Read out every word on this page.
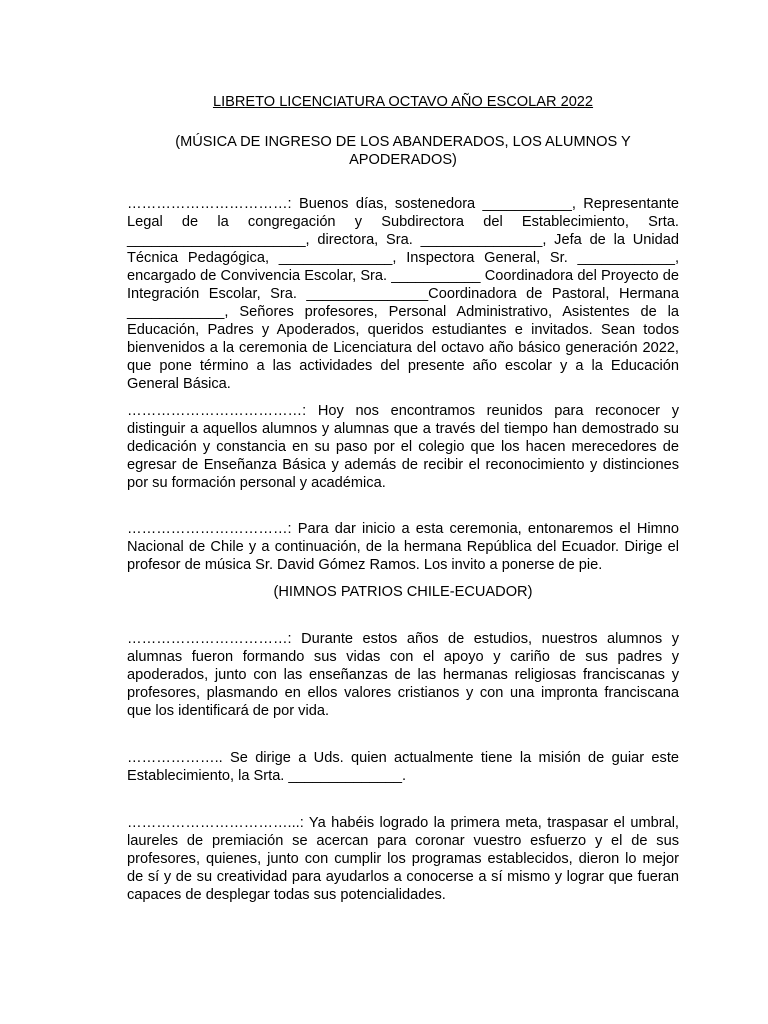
LIBRETO LICENCIATURA OCTAVO AÑO ESCOLAR 2022

(MÚSICA DE INGRESO DE LOS ABANDERADOS, LOS ALUMNOS Y APODERADOS)

……………………………: Buenos días, sostenedora ___________, Representante Legal de la congregación y Subdirectora del Establecimiento, Srta. ______________________, directora, Sra. _______________, Jefa de la Unidad Técnica Pedagógica, ______________, Inspectora General, Sr. ____________, encargado de Convivencia Escolar, Sra. ___________ Coordinadora del Proyecto de Integración Escolar, Sra. _______________Coordinadora de Pastoral, Hermana ____________, Señores profesores, Personal Administrativo, Asistentes de la Educación, Padres y Apoderados, queridos estudiantes e invitados. Sean todos bienvenidos a la ceremonia de Licenciatura del octavo año básico generación 2022, que pone término a las actividades del presente año escolar y a la Educación General Básica.

………………………………: Hoy nos encontramos reunidos para reconocer y distinguir a aquellos alumnos y alumnas que a través del tiempo han demostrado su dedicación y constancia en su paso por el colegio que los hacen merecedores de egresar de Enseñanza Básica y además de recibir el reconocimiento y distinciones por su formación personal y académica.

……………………………: Para dar inicio a esta ceremonia, entonaremos el Himno Nacional de Chile y a continuación, de la hermana República del Ecuador. Dirige el profesor de música Sr. David Gómez Ramos. Los invito a ponerse de pie.

(HIMNOS PATRIOS CHILE-ECUADOR)

……………………………: Durante estos años de estudios, nuestros alumnos y alumnas fueron formando sus vidas con el apoyo y cariño de sus padres y apoderados, junto con las enseñanzas de las hermanas religiosas franciscanas y profesores, plasmando en ellos valores cristianos y con una impronta franciscana que los identificará de por vida.

……………….. Se dirige a Uds. quien actualmente tiene la misión de guiar este Establecimiento, la Srta. ______________.

……………………………...: Ya habéis logrado la primera meta, traspasar el umbral, laureles de premiación se acercan para coronar vuestro esfuerzo y el de sus profesores, quienes, junto con cumplir los programas establecidos, dieron lo mejor de sí y de su creatividad para ayudarlos a conocerse a sí mismo y lograr que fueran capaces de desplegar todas sus potencialidades.
